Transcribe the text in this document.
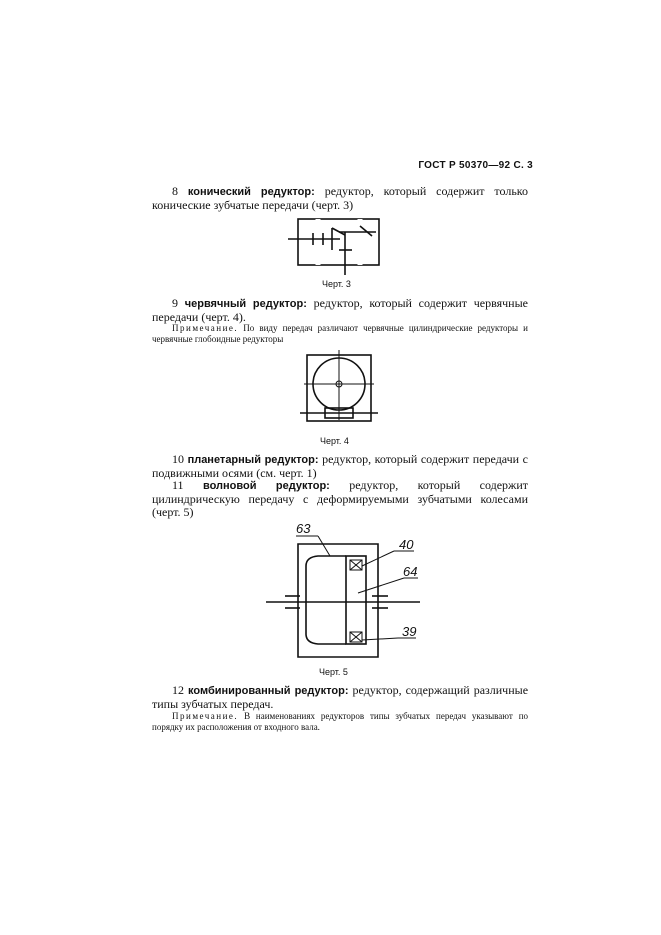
ГОСТ Р 50370—92 С. 3
8 конический редуктор: редуктор, который содержит только конические зубчатые передачи (черт. 3)
Черт. 3
9 червячный редуктор: редуктор, который содержит червячные передачи (черт. 4).
Примечание. По виду передач различают червячные цилиндрические редукторы и червячные глобоидные редукторы
Черт. 4
10 планетарный редуктор: редуктор, который содержит передачи с подвижными осями (см. черт. 1)
11 волновой редуктор: редуктор, который содержит цилиндрическую передачу с деформируемыми зубчатыми колесами (черт. 5)
63
40
64
39
Черт. 5
12 комбинированный редуктор: редуктор, содержащий различные типы зубчатых передач.
Примечание. В наименованиях редукторов типы зубчатых передач указывают по порядку их расположения от входного вала.
